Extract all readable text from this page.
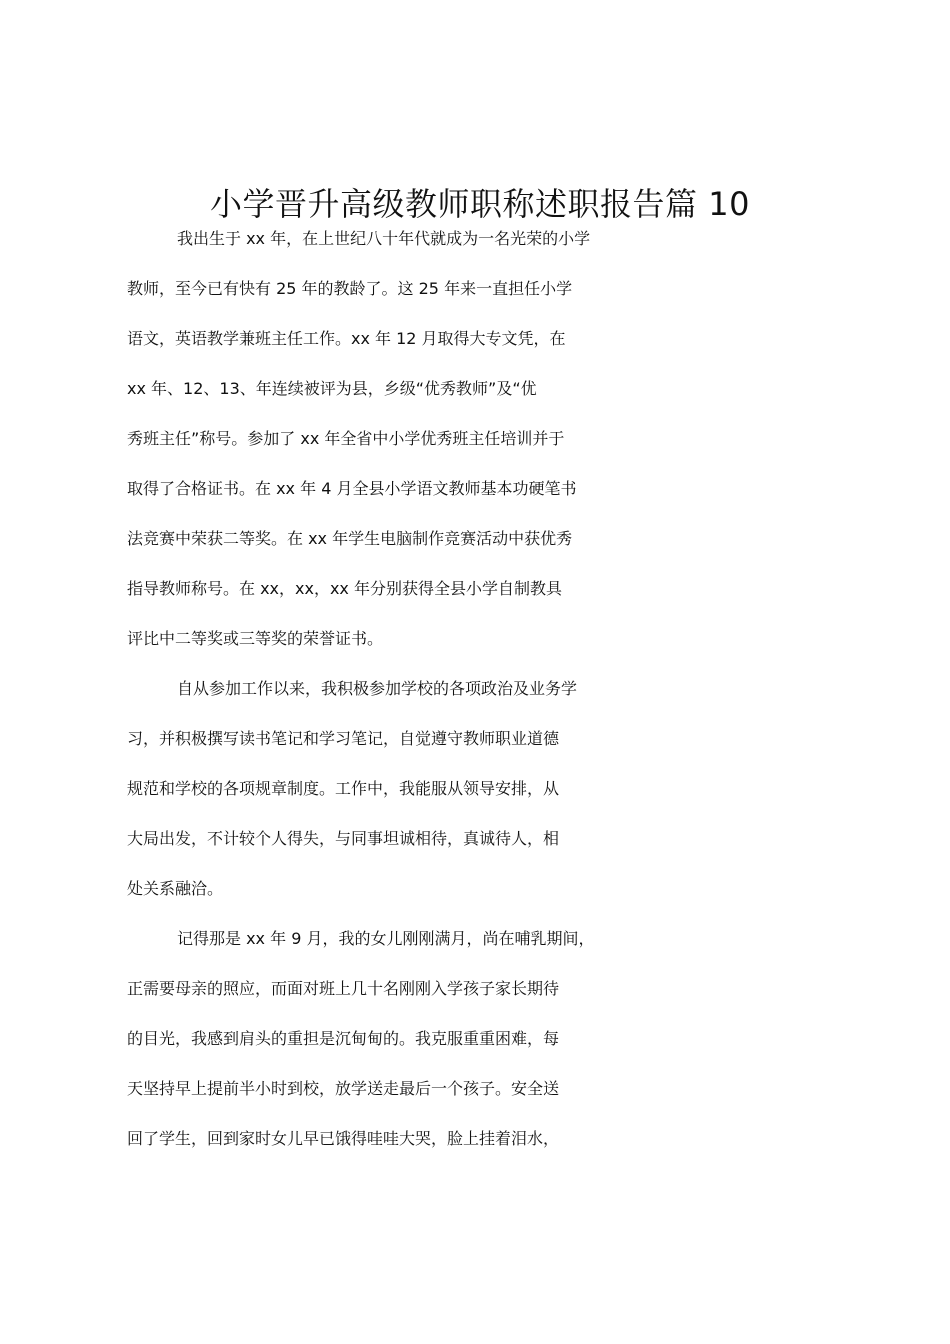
小学晋升高级教师职称述职报告篇 10
我出生于 xx 年，在上世纪八十年代就成为一名光荣的小学
教师，至今已有快有 25 年的教龄了。这 25 年来一直担任小学
语文，英语教学兼班主任工作。xx 年 12 月取得大专文凭，在
xx 年、12、13、年连续被评为县，乡级“优秀教师”及“优
秀班主任”称号。参加了 xx 年全省中小学优秀班主任培训并于
取得了合格证书。在 xx 年 4 月全县小学语文教师基本功硬笔书
法竞赛中荣获二等奖。在 xx 年学生电脑制作竞赛活动中获优秀
指导教师称号。在 xx，xx，xx 年分别获得全县小学自制教具
评比中二等奖或三等奖的荣誉证书。
自从参加工作以来，我积极参加学校的各项政治及业务学
习，并积极撰写读书笔记和学习笔记，自觉遵守教师职业道德
规范和学校的各项规章制度。工作中，我能服从领导安排，从
大局出发，不计较个人得失，与同事坦诚相待，真诚待人，相
处关系融洽。
记得那是 xx 年 9 月，我的女儿刚刚满月，尚在哺乳期间，
正需要母亲的照应，而面对班上几十名刚刚入学孩子家长期待
的目光，我感到肩头的重担是沉甸甸的。我克服重重困难，每
天坚持早上提前半小时到校，放学送走最后一个孩子。安全送
回了学生，回到家时女儿早已饿得哇哇大哭，脸上挂着泪水，
